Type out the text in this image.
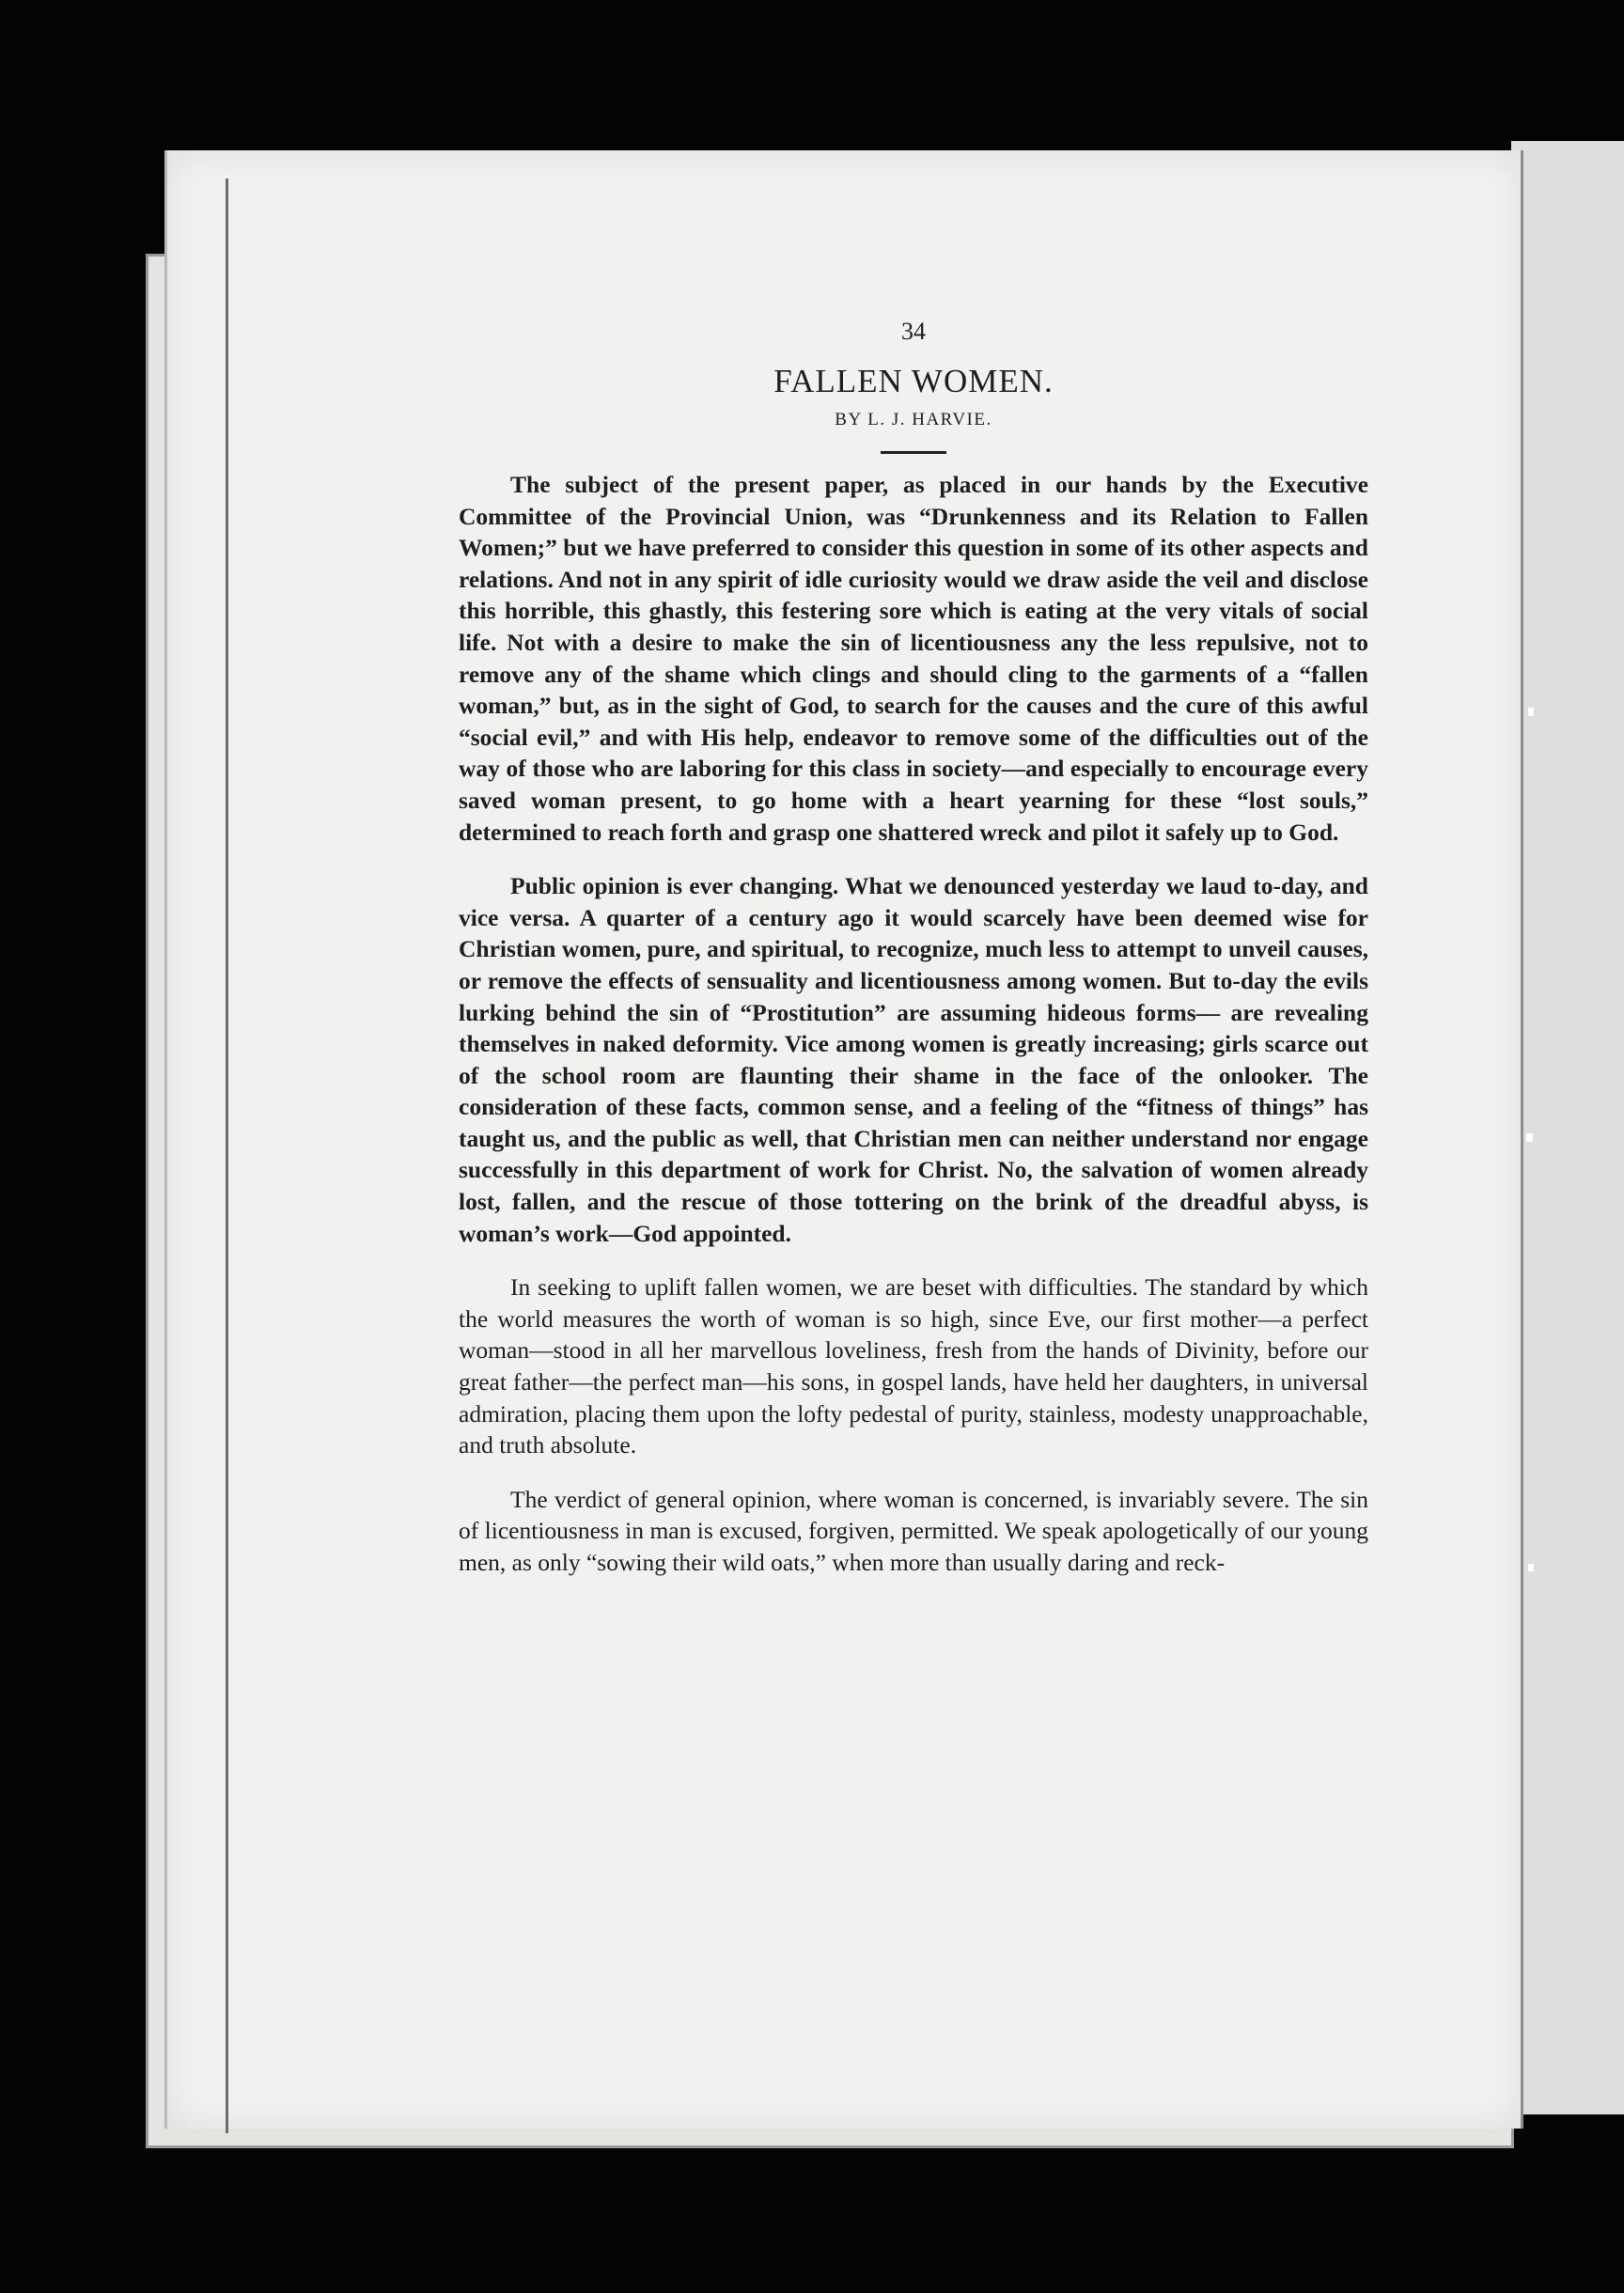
34
FALLEN WOMEN.
BY L. J. HARVIE.

The subject of the present paper, as placed in our hands by the Executive Committee of the Provincial Union, was “Drunkenness and its Relation to Fallen Women;” but we have preferred to consider this question in some of its other aspects and relations. And not in any spirit of idle curiosity would we draw aside the veil and disclose this horrible, this ghastly, this festering sore which is eating at the very vitals of social life. Not with a desire to make the sin of licentiousness any the less repulsive, not to remove any of the shame which clings and should cling to the garments of a “fallen woman,” but, as in the sight of God, to search for the causes and the cure of this awful “social evil,” and with His help, endeavor to remove some of the difficulties out of the way of those who are laboring for this class in society—and especially to encourage every saved woman present, to go home with a heart yearning for these “lost souls,” determined to reach forth and grasp one shattered wreck and pilot it safely up to God.

Public opinion is ever changing. What we denounced yesterday we laud to-day, and vice versa. A quarter of a century ago it would scarcely have been deemed wise for Christian women, pure, and spiritual, to recognize, much less to attempt to unveil causes, or remove the effects of sensuality and licentiousness among women. But to-day the evils lurking behind the sin of “Prostitution” are assuming hideous forms— are revealing themselves in naked deformity. Vice among women is greatly increasing; girls scarce out of the school room are flaunting their shame in the face of the onlooker. The consideration of these facts, common sense, and a feeling of the “fitness of things” has taught us, and the public as well, that Christian men can neither understand nor engage successfully in this department of work for Christ. No, the salvation of women already lost, fallen, and the rescue of those tottering on the brink of the dreadful abyss, is woman’s work—God appointed.

In seeking to uplift fallen women, we are beset with difficulties. The standard by which the world measures the worth of woman is so high, since Eve, our first mother—a perfect woman—stood in all her marvellous loveliness, fresh from the hands of Divinity, before our great father—the perfect man—his sons, in gospel lands, have held her daughters, in universal admiration, placing them upon the lofty pedestal of purity, stainless, modesty unapproachable, and truth absolute.

The verdict of general opinion, where woman is concerned, is invariably severe. The sin of licentiousness in man is excused, forgiven, permitted. We speak apologetically of our young men, as only “sowing their wild oats,” when more than usually daring and reck-
